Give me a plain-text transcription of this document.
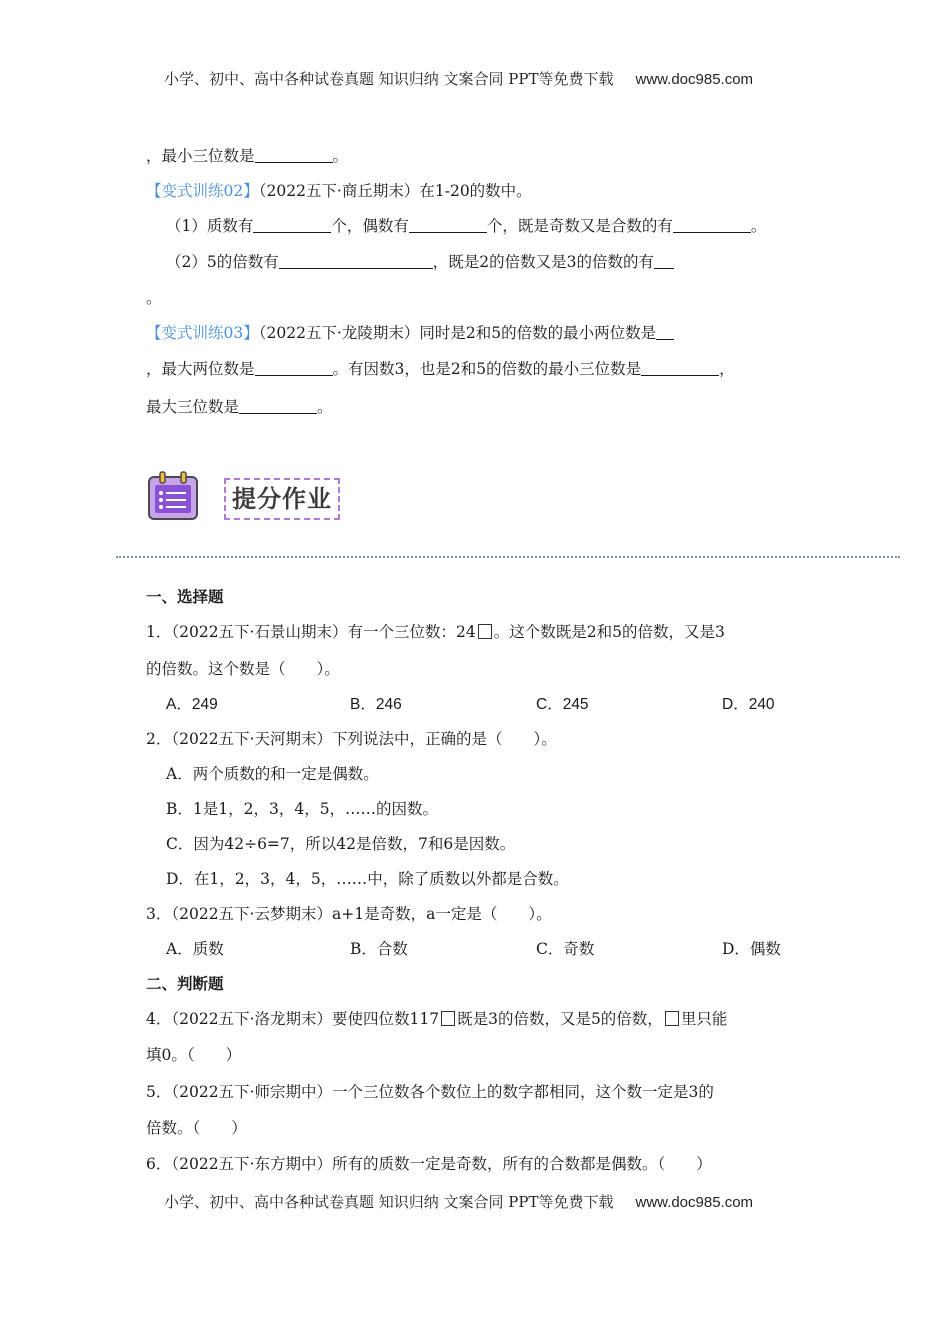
小学、初中、高中各种试卷真题 知识归纳 文案合同 PPT等免费下载 www.doc985.com
，最小三位数是	。
【变式训练02】（2022五下·商丘期末）在1-20的数中。
（1）质数有	个，偶数有	个，既是奇数又是合数的有	。
（2）5的倍数有	，既是2的倍数又是3的倍数的有
。
【变式训练03】（2022五下·龙陵期末）同时是2和5的倍数的最小两位数是
，最大两位数是	。有因数3，也是2和5的倍数的最小三位数是	，
最大三位数是	。
提分作业
一、选择题
1．（2022五下·石景山期末）有一个三位数：24 。这个数既是2和5的倍数，又是3
的倍数。这个数是（　　）。
A．249	B．246	C．245	D．240
2．（2022五下·天河期末）下列说法中，正确的是（　　）。
A．两个质数的和一定是偶数。
B．1是1，2，3，4，5，……的因数。
C．因为42÷6=7，所以42是倍数，7和6是因数。
D．在1，2，3，4，5，……中，除了质数以外都是合数。
3．（2022五下·云梦期末）a+1是奇数，a一定是（　　）。
A．质数	B．合数	C．奇数	D．偶数
二、判断题
4．（2022五下·洛龙期末）要使四位数117 既是3的倍数，又是5的倍数， 里只能
填0。（　　）
5．（2022五下·师宗期中）一个三位数各个数位上的数字都相同，这个数一定是3的
倍数。（　　）
6．（2022五下·东方期中）所有的质数一定是奇数，所有的合数都是偶数。（　　）
小学、初中、高中各种试卷真题 知识归纳 文案合同 PPT等免费下载 www.doc985.com
